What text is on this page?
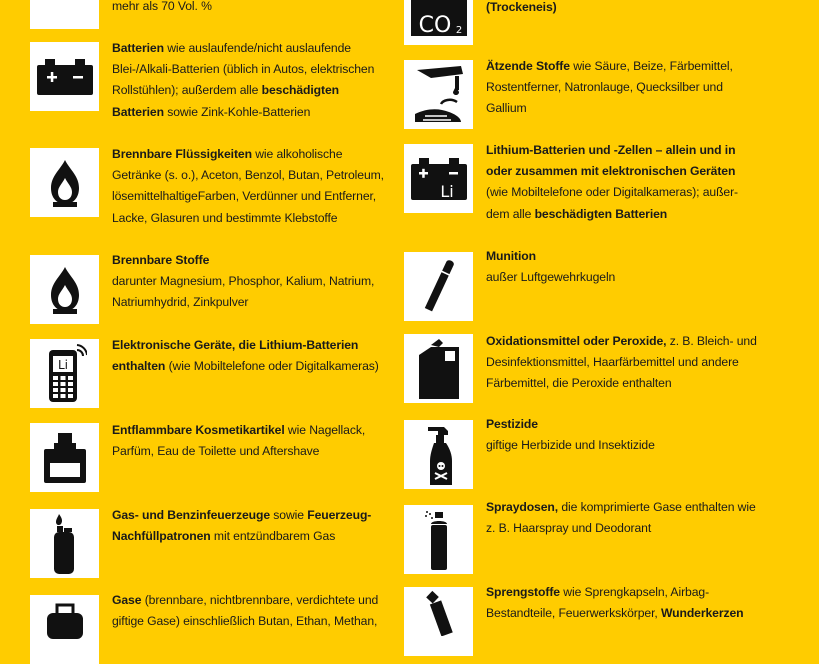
mehr als 70 Vol. %
Batterien wie auslaufende/nicht auslaufende Blei-/Alkali-Batterien (üblich in Autos, elektrischen Rollstühlen); außerdem alle beschädigten Batterien sowie Zink-Kohle-Batterien
Brennbare Flüssigkeiten wie alkoholische Getränke (s. o.), Aceton, Benzol, Butan, Petroleum, lösemittelhaltigeFarben, Verdünner und Entferner, Lacke, Glasuren und bestimmte Klebstoffe
Brennbare Stoffe
darunter Magnesium, Phosphor, Kalium, Natrium, Natriumhydrid, Zinkpulver
Li
Elektronische Geräte, die Lithium-Batterien enthalten (wie Mobiltelefone oder Digitalkameras)
Entflammbare Kosmetikartikel wie Nagellack, Parfüm, Eau de Toilette und Aftershave
Gas- und Benzinfeuerzeuge sowie Feuerzeug-Nachfüllpatronen mit entzündbarem Gas
Gase (brennbare, nichtbrennbare, verdichtete und giftige Gase) einschließlich Butan, Ethan, Methan,
CO 2
(Trockeneis)
Ätzende Stoffe wie Säure, Beize, Färbemittel, Rostentferner, Natronlauge, Quecksilber und Gallium
Li
Lithium-Batterien und -Zellen – allein und in oder zusammen mit elektronischen Geräten (wie Mobiltelefone oder Digitalkameras); außer-dem alle beschädigten Batterien
Munition
außer Luftgewehrkugeln
Oxidationsmittel oder Peroxide, z. B. Bleich- und Desinfektionsmittel, Haarfärbemittel und andere Färbemittel, die Peroxide enthalten
Pestizide
giftige Herbizide und Insektizide
Spraydosen, die komprimierte Gase enthalten wie z. B. Haarspray und Deodorant
Sprengstoffe wie Sprengkapseln, Airbag-Bestandteile, Feuerwerkskörper, Wunderkerzen
